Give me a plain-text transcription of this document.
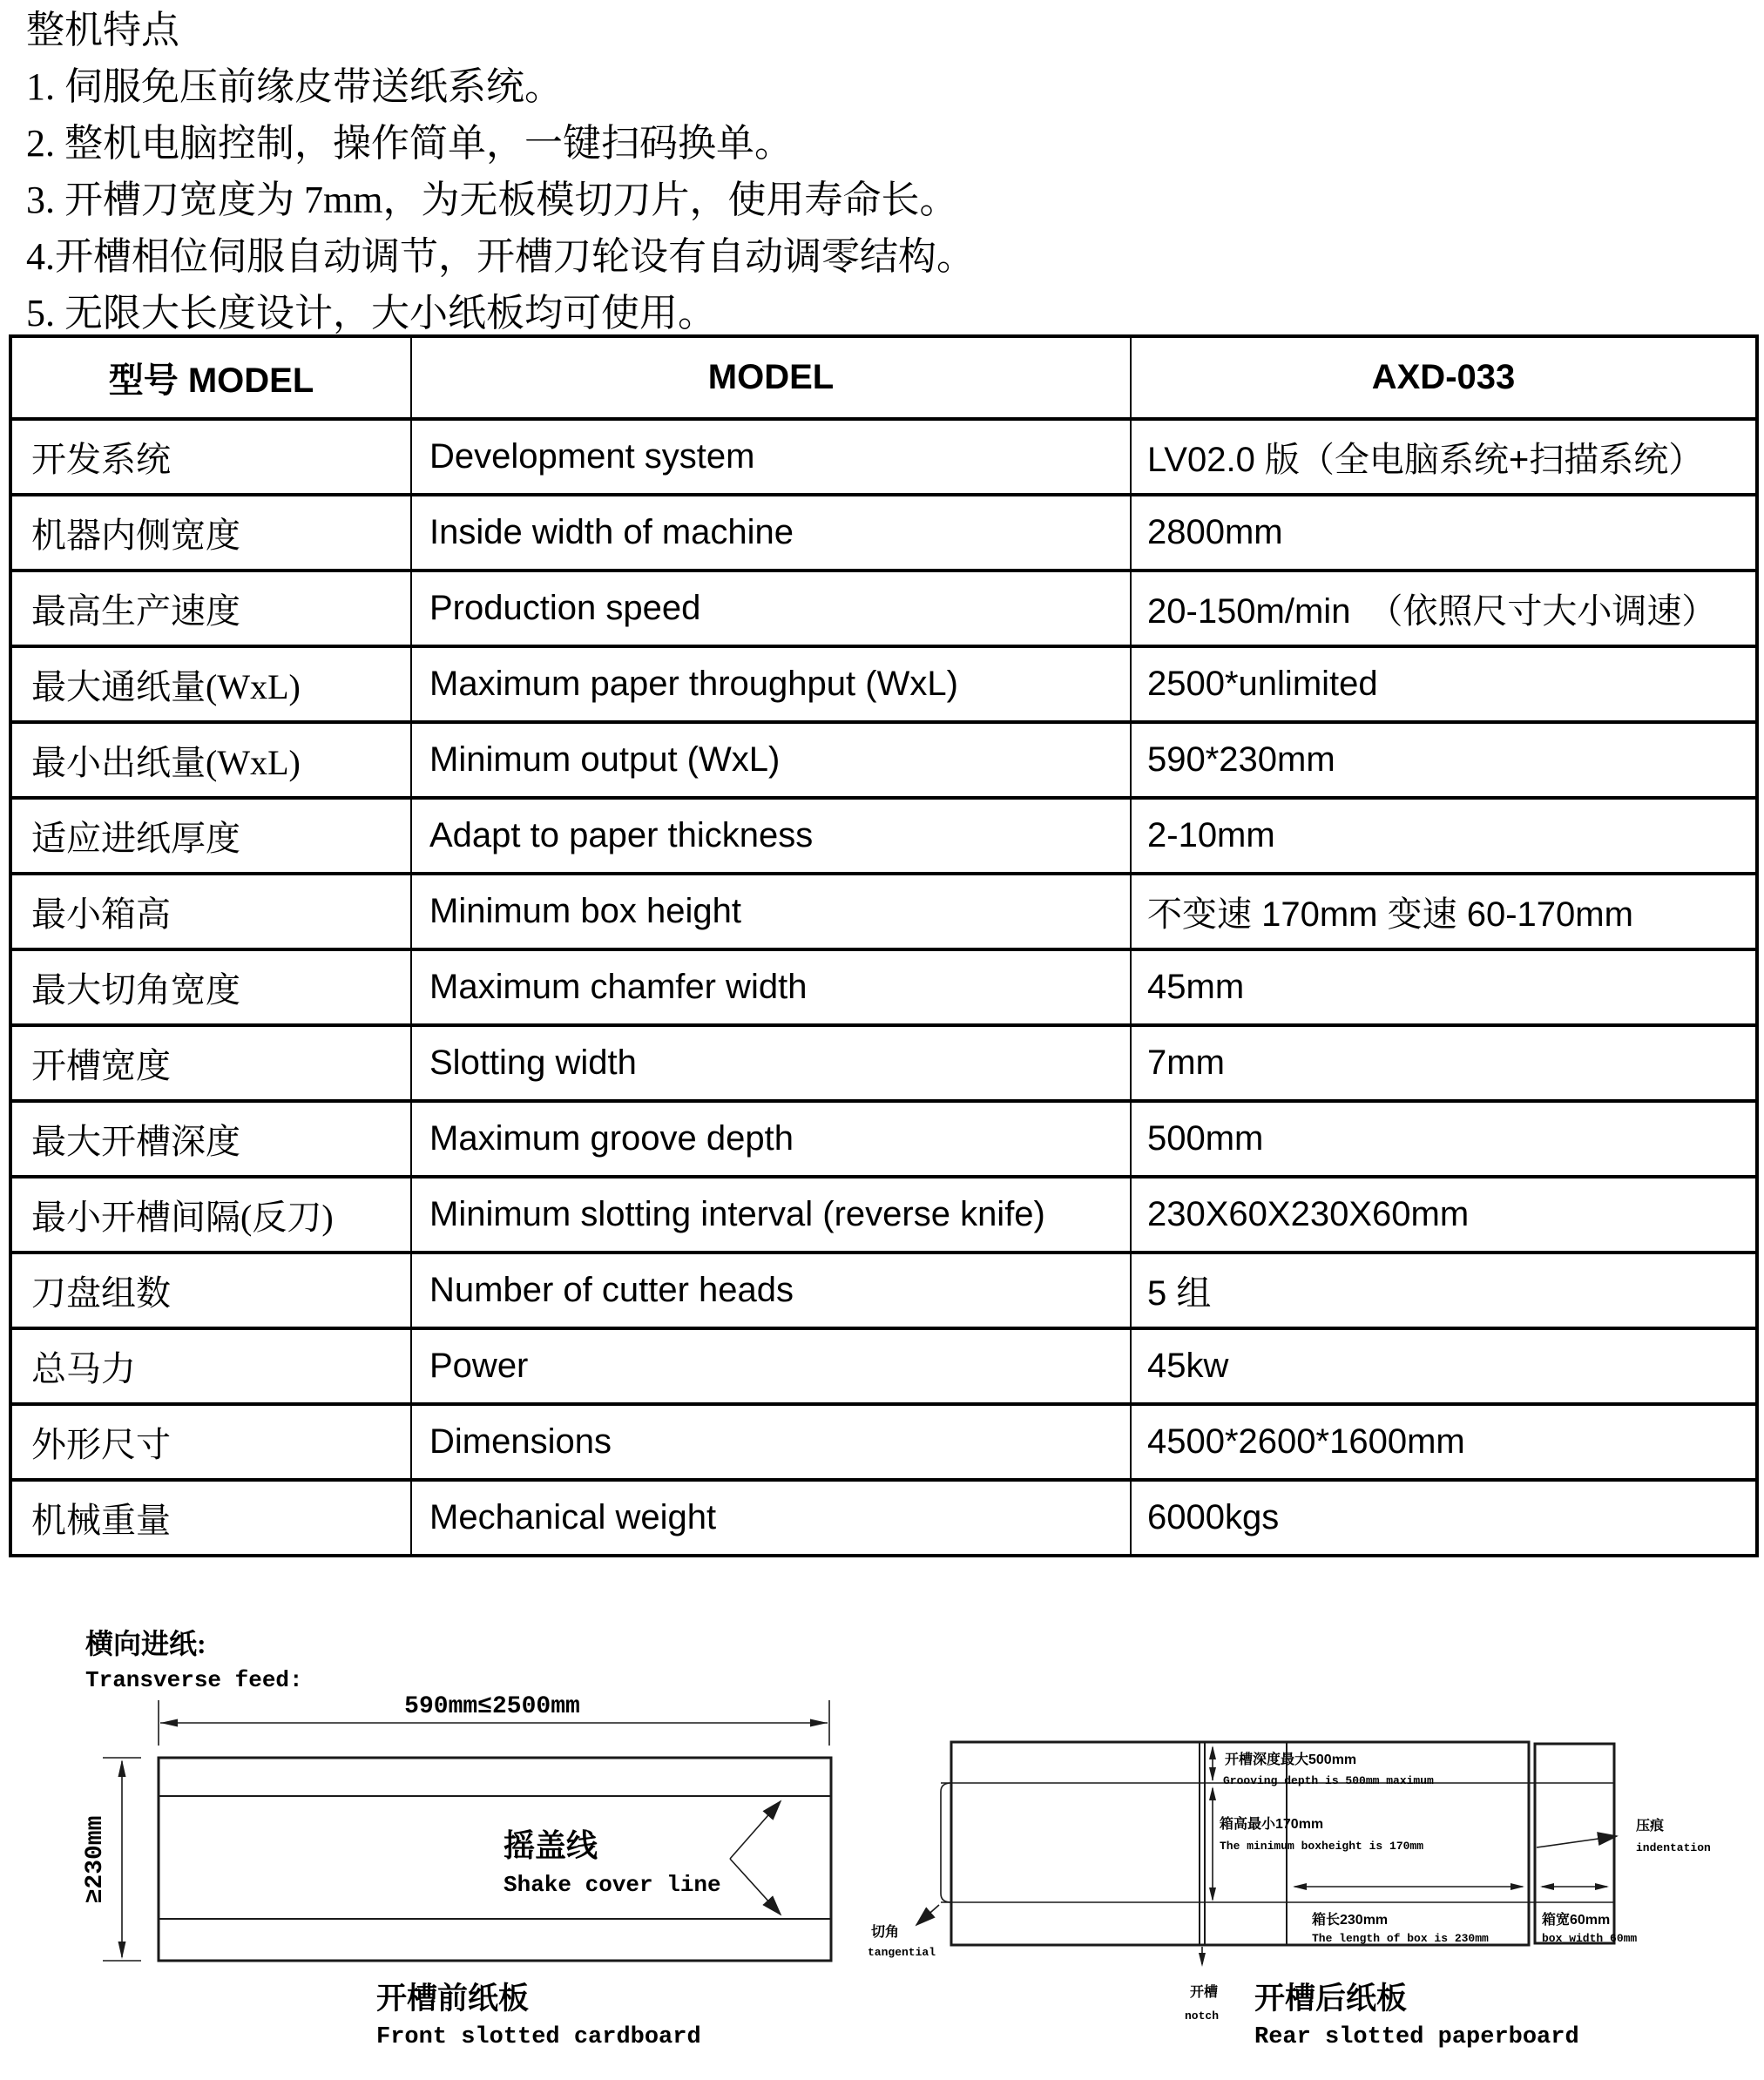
整机特点
1. 伺服免压前缘皮带送纸系统。
2. 整机电脑控制，操作简单，一键扫码换单。
3. 开槽刀宽度为 7mm，为无板模切刀片，使用寿命长。
4.开槽相位伺服自动调节，开槽刀轮设有自动调零结构。
5. 无限大长度设计，大小纸板均可使用。
型号 MODEL	MODEL	AXD-033
开发系统	Development system	LV02.0 版（全电脑系统+扫描系统）
机器内侧宽度	Inside width of machine	2800mm
最高生产速度	Production speed	20-150m/min　（依照尺寸大小调速）
最大通纸量(WxL)	Maximum paper throughput (WxL)	2500*unlimited
最小出纸量(WxL)	Minimum output (WxL)	590*230mm
适应进纸厚度	Adapt to paper thickness	2-10mm
最小箱高	Minimum box height	不变速 170mm 变速 60-170mm
最大切角宽度	Maximum chamfer width	45mm
开槽宽度	Slotting width	7mm
最大开槽深度	Maximum groove depth	500mm
最小开槽间隔(反刀)	Minimum slotting interval (reverse knife)	230X60X230X60mm
刀盘组数	Number of cutter heads	5 组
总马力	Power	45kw
外形尺寸	Dimensions	4500*2600*1600mm
机械重量	Mechanical weight	6000kgs
横向进纸:
Transverse feed:
590mm≤2500mm
≥230mm	摇盖线
Shake cover line
开槽前纸板
Front slotted cardboard
开槽深度最大500mm
Grooving depth is 500mm maximum
箱高最小170mm
The minimum boxheight is 170mm
箱长230mm
The length of box is 230mm
箱宽60mm
box width 60mm
压痕
indentation
切角
tangential
开槽
notch
开槽后纸板
Rear slotted paperboard
